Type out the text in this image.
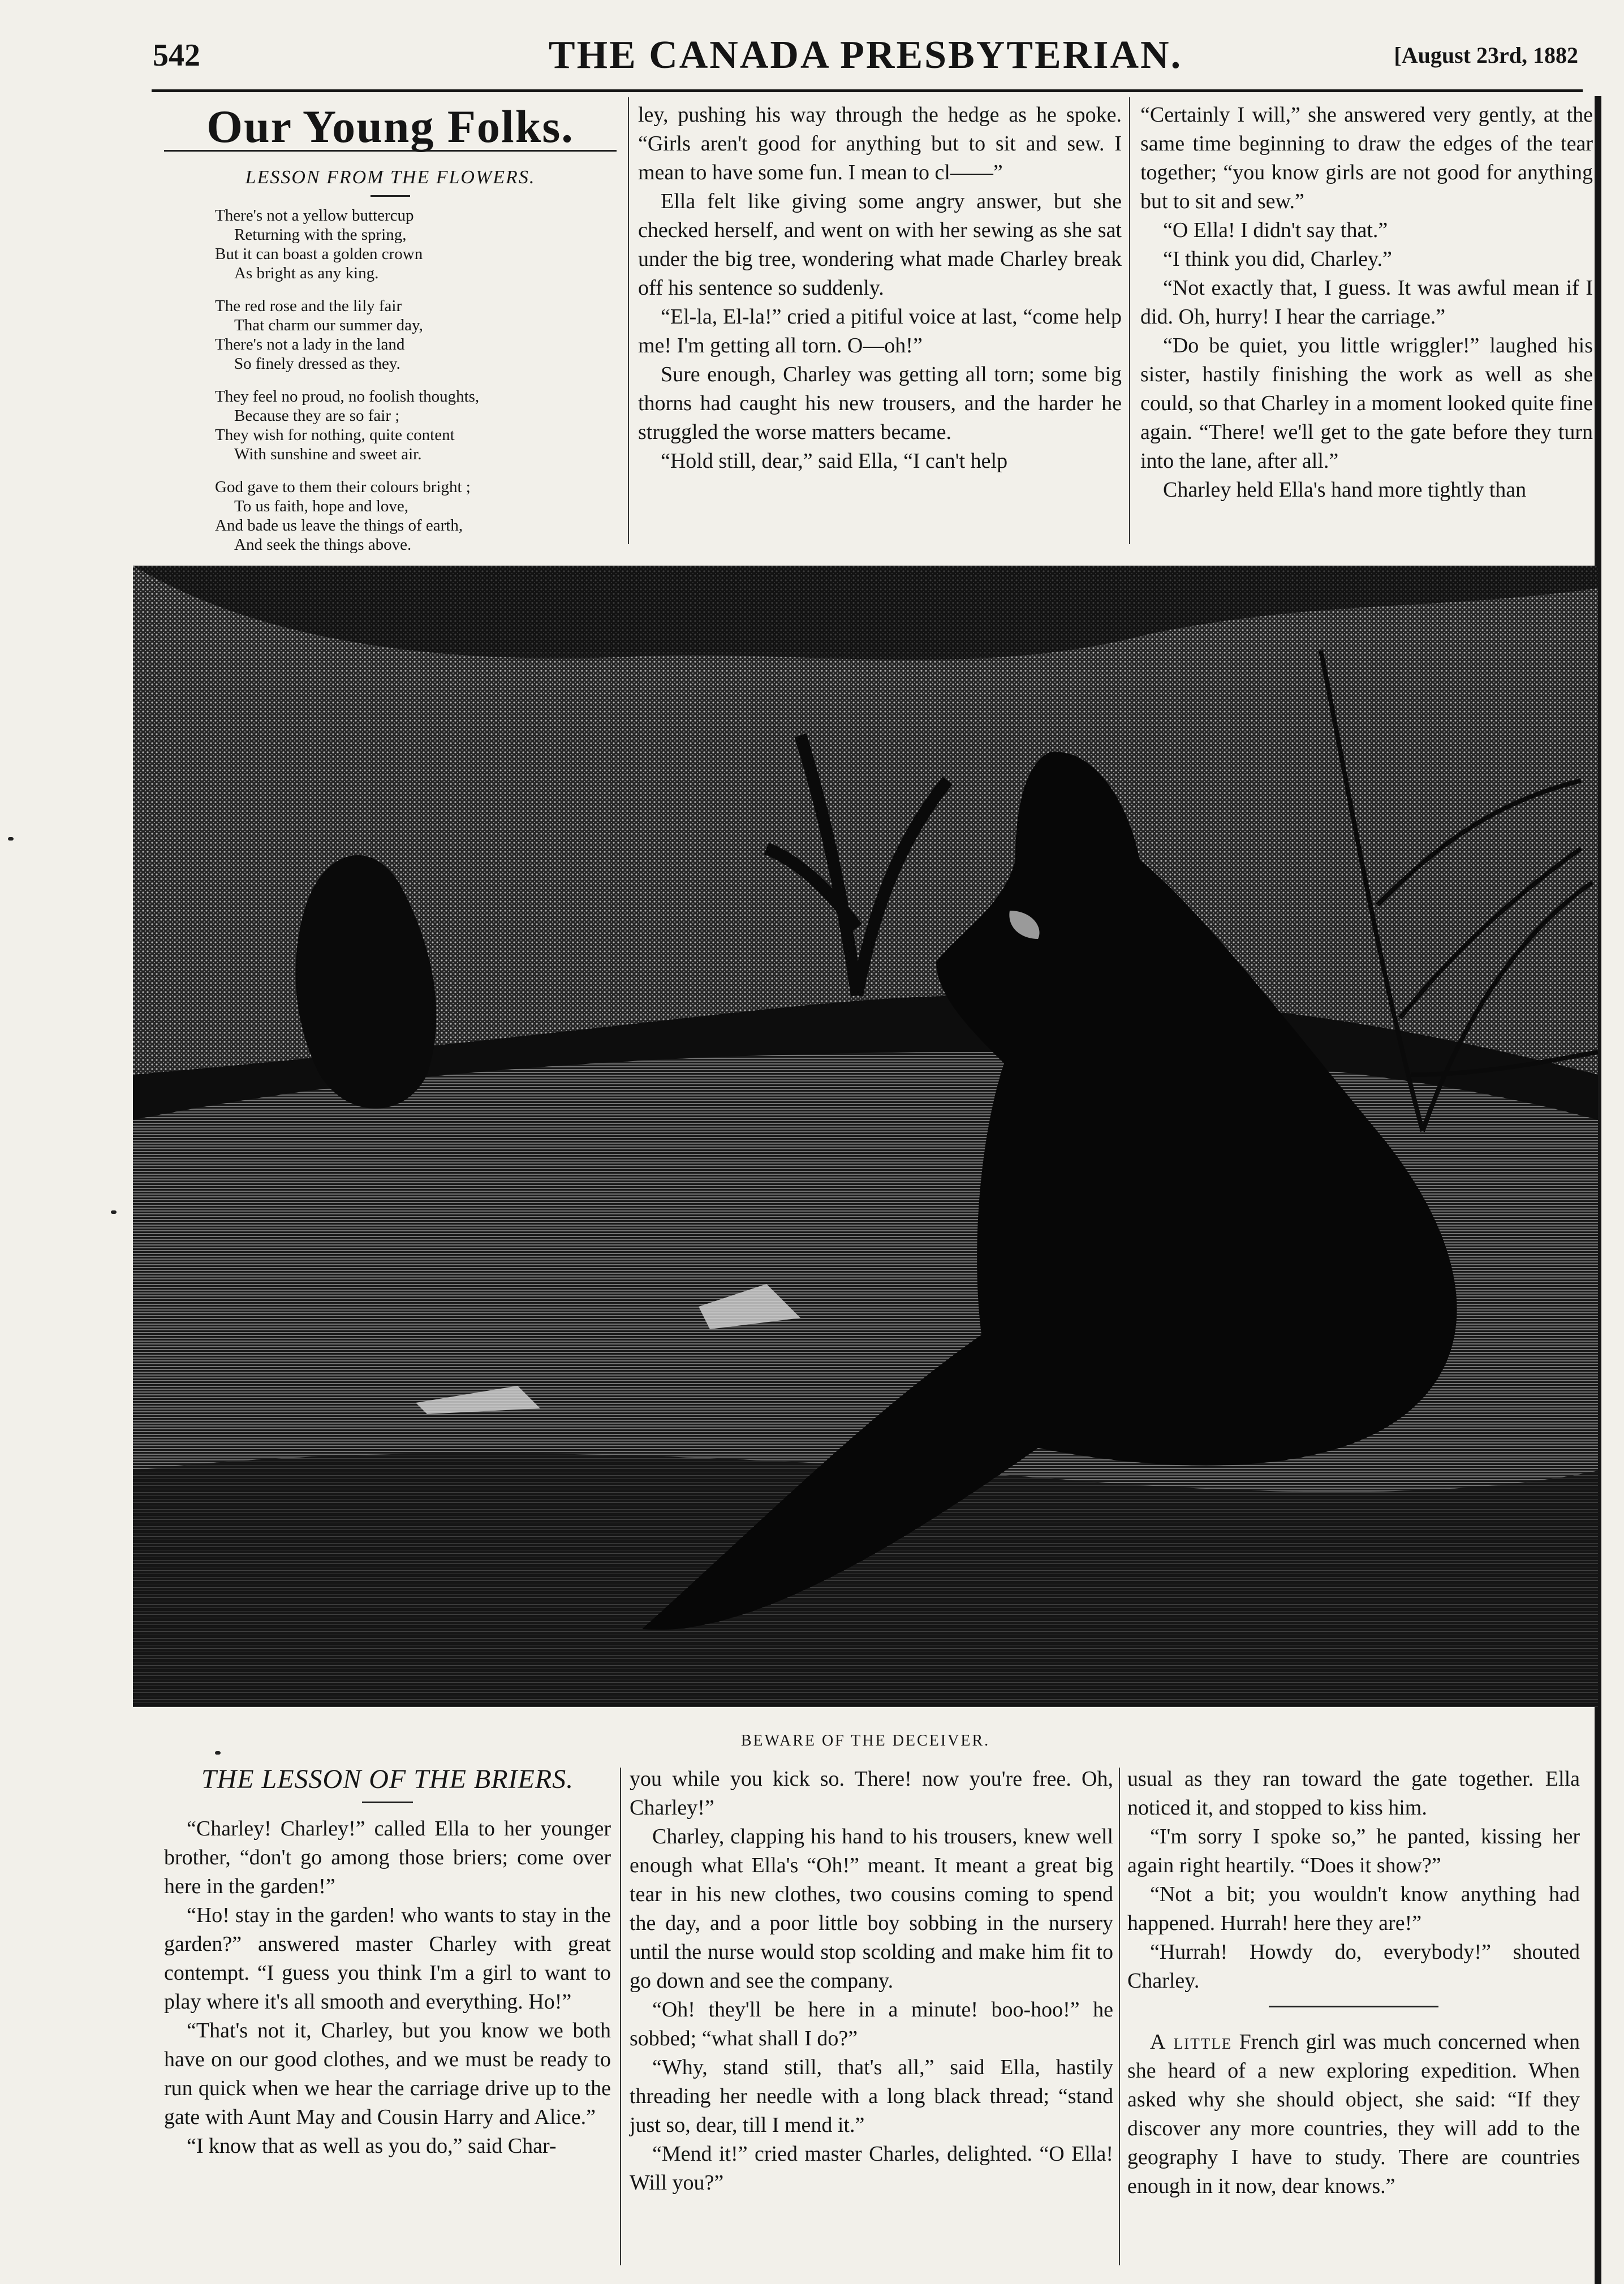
542	THE CANADA PRESBYTERIAN.	[August 23rd, 1882
Our Young Folks.

LESSON FROM THE FLOWERS.

There's not a yellow buttercup
Returning with the spring,
But it can boast a golden crown
As bright as any king.
The red rose and the lily fair
That charm our summer day,
There's not a lady in the land
So finely dressed as they.
They feel no proud, no foolish thoughts,
Because they are so fair ;
They wish for nothing, quite content
With sunshine and sweet air.
God gave to them their colours bright ;
To us faith, hope and love,
And bade us leave the things of earth,
And seek the things above.

ley, pushing his way through the hedge as he spoke. “Girls aren't good for anything but to sit and sew. I mean to have some fun. I mean to cl——”

Ella felt like giving some angry answer, but she checked herself, and went on with her sewing as she sat under the big tree, wondering what made Charley break off his sentence so suddenly.

“El-la, El-la!” cried a pitiful voice at last, “come help me! I'm getting all torn. O—oh!”

Sure enough, Charley was getting all torn; some big thorns had caught his new trousers, and the harder he struggled the worse matters became.

“Hold still, dear,” said Ella, “I can't help

“Certainly I will,” she answered very gently, at the same time beginning to draw the edges of the tear together; “you know girls are not good for anything but to sit and sew.”

“O Ella! I didn't say that.”

“I think you did, Charley.”

“Not exactly that, I guess. It was awful mean if I did. Oh, hurry! I hear the carriage.”

“Do be quiet, you little wriggler!” laughed his sister, hastily finishing the work as well as she could, so that Charley in a moment looked quite fine again. “There! we'll get to the gate before they turn into the lane, after all.”

Charley held Ella's hand more tightly than

BEWARE OF THE DECEIVER.

THE LESSON OF THE BRIERS.

“Charley! Charley!” called Ella to her younger brother, “don't go among those briers; come over here in the garden!”

“Ho! stay in the garden! who wants to stay in the garden?” answered master Charley with great contempt. “I guess you think I'm a girl to want to play where it's all smooth and everything. Ho!”

“That's not it, Charley, but you know we both have on our good clothes, and we must be ready to run quick when we hear the carriage drive up to the gate with Aunt May and Cousin Harry and Alice.”

“I know that as well as you do,” said Char-

you while you kick so. There! now you're free. Oh, Charley!”

Charley, clapping his hand to his trousers, knew well enough what Ella's “Oh!” meant. It meant a great big tear in his new clothes, two cousins coming to spend the day, and a poor little boy sobbing in the nursery until the nurse would stop scolding and make him fit to go down and see the company.

“Oh! they'll be here in a minute! boo-hoo!” he sobbed; “what shall I do?”

“Why, stand still, that's all,” said Ella, hastily threading her needle with a long black thread; “stand just so, dear, till I mend it.”

“Mend it!” cried master Charles, delighted. “O Ella! Will you?”

usual as they ran toward the gate together. Ella noticed it, and stopped to kiss him.

“I'm sorry I spoke so,” he panted, kissing her again right heartily. “Does it show?”

“Not a bit; you wouldn't know anything had happened. Hurrah! here they are!”

“Hurrah! Howdy do, everybody!” shouted Charley.

A little French girl was much concerned when she heard of a new exploring expedition. When asked why she should object, she said: “If they discover any more countries, they will add to the geography I have to study. There are countries enough in it now, dear knows.”
